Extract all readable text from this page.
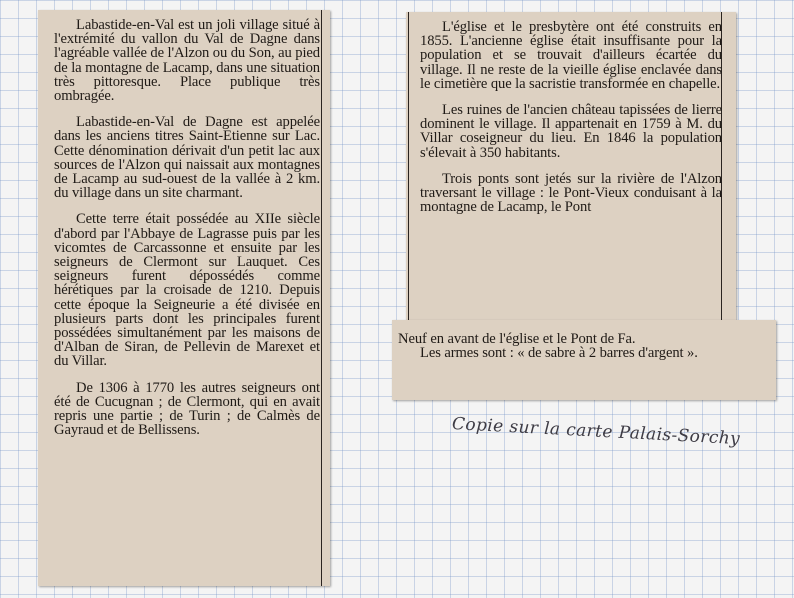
Labastide-en-Val est un joli village situé à l'extrémité du vallon du Val de Dagne dans l'agréable vallée de l'Alzon ou du Son, au pied de la montagne de Lacamp, dans une situation très pittoresque. Place publique très ombragée.

Labastide-en-Val de Dagne est appelée dans les anciens titres Saint-Etienne sur Lac. Cette dénomination dérivait d'un petit lac aux sources de l'Alzon qui naissait aux montagnes de Lacamp au sud-ouest de la vallée à 2 km. du village dans un site charmant.

Cette terre était possédée au XIIe siècle d'abord par l'Abbaye de Lagrasse puis par les vicomtes de Carcassonne et ensuite par les seigneurs de Clermont sur Lauquet. Ces seigneurs furent dépossédés comme hérétiques par la croisade de 1210. Depuis cette époque la Seigneurie a été divisée en plusieurs parts dont les principales furent possédées simultanément par les maisons de d'Alban de Siran, de Pellevin de Marexet et du Villar.

De 1306 à 1770 les autres seigneurs ont été de Cucugnan ; de Clermont, qui en avait repris une partie ; de Turin ; de Calmès de Gayraud et de Bellissens.

L'église et le presbytère ont été construits en 1855. L'ancienne église était insuffisante pour la population et se trouvait d'ailleurs écartée du village. Il ne reste de la vieille église enclavée dans le cimetière que la sacristie transformée en chapelle.

Les ruines de l'ancien château tapissées de lierre dominent le village. Il appartenait en 1759 à M. du Villar coseigneur du lieu. En 1846 la population s'élevait à 350 habitants.

Trois ponts sont jetés sur la rivière de l'Alzon traversant le village : le Pont-Vieux conduisant à la montagne de Lacamp, le Pont

Neuf en avant de l'église et le Pont de Fa.

Les armes sont : « de sabre à 2 barres d'argent ».

Copie sur la carte Palais-Sorchy
